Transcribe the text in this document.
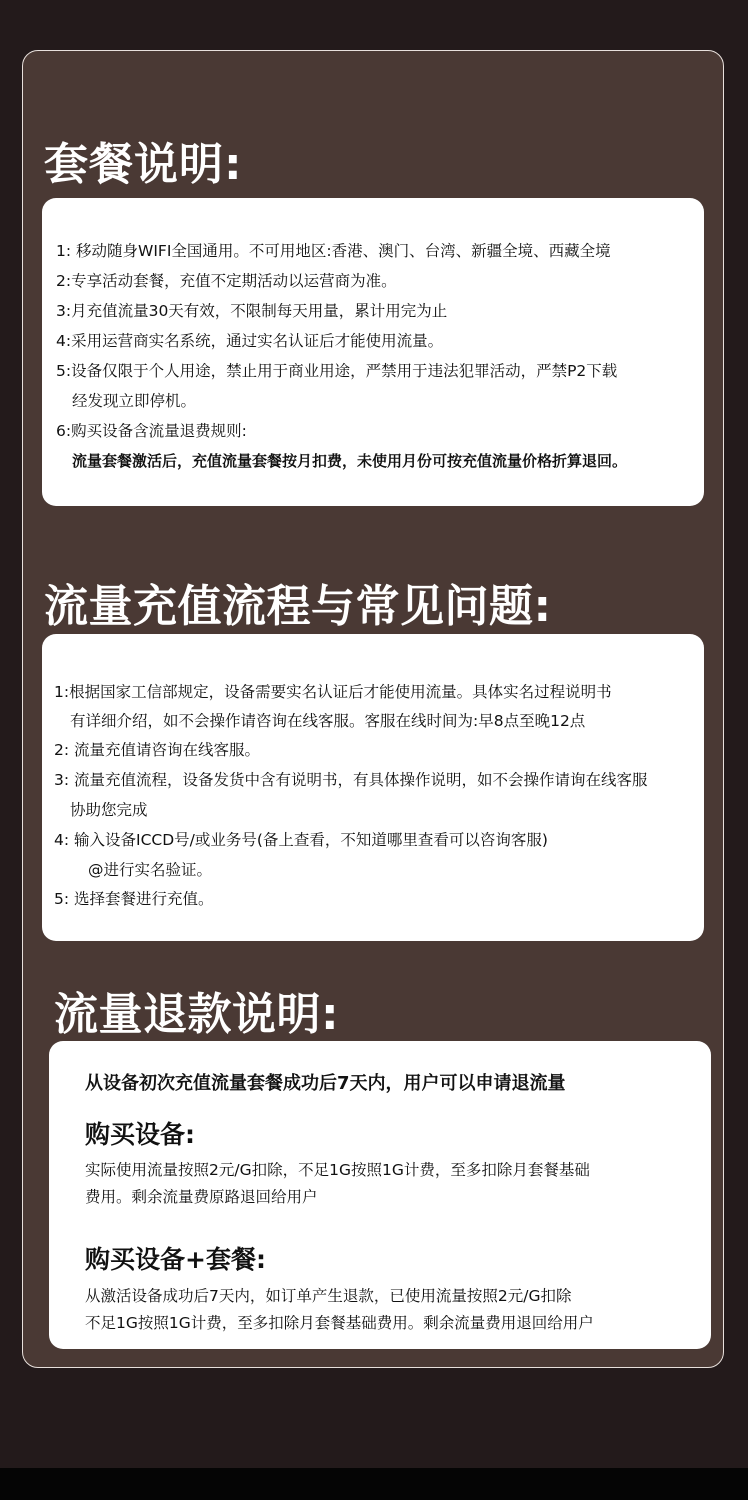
套餐说明:
1: 移动随身WIFI全国通用。不可用地区:香港、澳门、台湾、新疆全境、西藏全境
2:专享活动套餐，充值不定期活动以运营商为准。
3:月充值流量30天有效，不限制每天用量，累计用完为止
4:采用运营商实名系统，通过实名认证后才能使用流量。
5:设备仅限于个人用途，禁止用于商业用途，严禁用于违法犯罪活动，严禁P2下载
经发现立即停机。
6:购买设备含流量退费规则:
流量套餐激活后，充值流量套餐按月扣费，未使用月份可按充值流量价格折算退回。
流量充值流程与常见问题:
1:根据国家工信部规定，设备需要实名认证后才能使用流量。具体实名过程说明书
有详细介绍，如不会操作请咨询在线客服。客服在线时间为:早8点至晚12点
2: 流量充值请咨询在线客服。
3: 流量充值流程，设备发货中含有说明书，有具体操作说明，如不会操作请询在线客服
协助您完成
4: 输入设备ICCD号/或业务号(备上查看，不知道哪里查看可以咨询客服)
@进行实名验证。
5: 选择套餐进行充值。
流量退款说明:
从设备初次充值流量套餐成功后7天内，用户可以申请退流量
购买设备:
实际使用流量按照2元/G扣除，不足1G按照1G计费，至多扣除月套餐基础
费用。剩余流量费原路退回给用户
购买设备+套餐:
从激活设备成功后7天内，如订单产生退款，已使用流量按照2元/G扣除
不足1G按照1G计费，至多扣除月套餐基础费用。剩余流量费用退回给用户
